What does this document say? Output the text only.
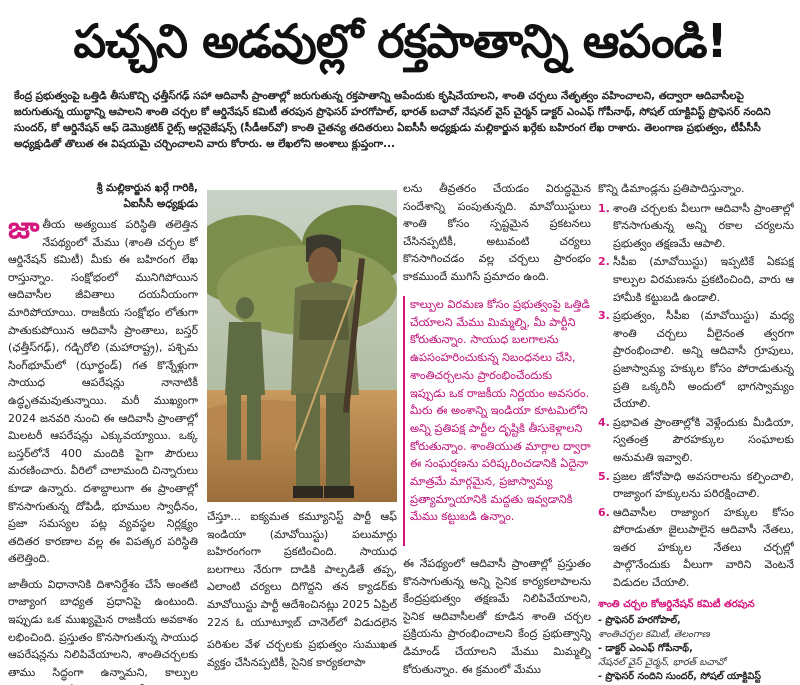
పచ్చని అడవుల్లో రక్తపాతాన్ని ఆపండి!
కేంద్ర ప్రభుత్వంపై ఒత్తిడి తీసుకొచ్చి ఛత్తీస్‌గఢ్ సహా ఆదివాసీ ప్రాంతాల్లో జరుగుతున్న రక్తపాతాన్ని ఆపేందుకు కృషిచేయాలని, శాంతి చర్చలు నేతృత్వం వహించాలని, తద్వారా ఆదివాసీలపై జరుగుతున్న యుద్ధాన్ని ఆపాలని శాంతి చర్చల కో ఆర్డినేషన్ కమిటీ తరపున ప్రొఫెసర్ హరగోపాల్, భారత్ బచావో నేషనల్ వైస్ చైర్మన్ డాక్టర్ ఎంఎఫ్ గోపీనాథ్, సోషల్ యాక్టివిస్ట్ ప్రొఫెసర్ నందిని సుందర్, కో ఆర్డినేషన్ ఆఫ్ డెమొక్రటిక్ రైట్స్ ఆర్గనైజేషన్స్ (సీడీఆర్‌వో) కాంతి చైతన్య తదితరులు ఏఐసీసీ అధ్యక్షుడు మల్లికార్జున ఖర్గేకు బహిరంగ లేఖ రాశారు. తెలంగాణ ప్రభుత్వం, టీపీసీసీ అధ్యక్షుడితో తొలుత ఈ విషయమై చర్చించాలని వారు కోరారు. ఆ లేఖలోని అంశాలు క్లుప్తంగా...
శ్రీ మల్లికార్జున ఖర్గే గారికి,
ఏఐసీసీ అధ్యక్షుడు

జాతీయ అత్యయిక పరిస్థితి తలెత్తిన నేపథ్యంలో మేము (శాంతి చర్చల కో ఆర్డినేషన్ కమిటీ) మీకు ఈ బహిరంగ లేఖ రాస్తున్నాం. సంక్షోభంలో మునిగిపోయిన ఆదివాసీల జీవితాలు దయనీయంగా మారిపోయాయి. రాజకీయ సంక్షోభం లోతుగా పాతుకుపోయిన ఆదివాసీ ప్రాంతాలు, బస్తర్ (ఛత్తీస్‌గఢ్), గడ్చిరోలి (మహారాష్ట్ర), పశ్చిమ సింగ్‌భూమ్‌లో (ఝార్ఖండ్) గత కొన్నేళ్లుగా సాయుధ ఆపరేషన్లు నానాటికీ ఉద్ధృతమవుతున్నాయి. మరీ ముఖ్యంగా 2024 జనవరి నుంచి ఈ ఆదివాసీ ప్రాంతాల్లో మిలటరీ ఆపరేషన్లు ఎక్కువయ్యాయి. ఒక్క బస్తర్‌లోనే 400 మందికి పైగా పౌరులు మరణించారు. వీరిలో చాలామంది చిన్నారులు కూడా ఉన్నారు. దశాబ్దాలుగా ఈ ప్రాంతాల్లో కొనసాగుతున్న దోపిడీ, భూముల స్వాధీనం, ప్రజా సమస్యల పట్ల వ్యవస్థల నిర్లక్ష్యం తదితర కారణాల వల్ల ఈ విపత్కర పరిస్థితి తలెత్తింది.

జాతీయ విధానానికి దిశానిర్దేశం చేసే అంతటి రాజ్యాంగ బాధ్యత ప్రధానిపై ఉంటుంది. ఇప్పుడు ఒక ముఖ్యమైన రాజకీయ అవకాశం లభించింది. ప్రస్తుతం కొనసాగుతున్న సాయుధ ఆపరేషన్లను నిలిపివేయాలని, శాంతిచర్చలకు తాము సిద్ధంగా ఉన్నామని, కాల్పుల

చేస్తూ... ఐక్యమత కమ్యూనిస్ట్ పార్టీ ఆఫ్ ఇండియా (మావోయిస్టు) పలుమార్లు బహిరంగంగా ప్రకటించింది. సాయుధ బలగాలు నేరుగా దాడికి పాల్పడితే తప్ప, ఎలాంటి చర్యలు దిగొద్దని తన క్యాడర్‌కు మావోయిస్టు పార్టీ ఆదేశించినట్లు 2025 ఏప్రిల్ 22న ఓ యూట్యూబ్ చానెల్‌లో విడుదలైన

పరిశుల వేళ చర్చలకు ప్రభుత్వం సుముఖత వ్యక్తం చేసినప్పటికీ, సైనిక కార్యకలాపా

లను తీవ్రతరం చేయడం విరుద్ధమైన సందేశాన్ని పంపుతున్నది. మావోయిస్టులు శాంతి కోసం స్పష్టమైన ప్రకటనలు చేసినప్పటికీ, అటువంటి చర్యలు కొనసాగించడం వల్ల చర్చలు ప్రారంభం కాకముందే ముగిసే ప్రమాదం ఉంది.

కాల్పుల విరమణ కోసం ప్రభుత్వంపై ఒత్తిడి చేయాలని మేము మిమ్మల్ని, మీ పార్టీని కోరుతున్నాం. సాయుధ బలగాలను ఉపసంహరించుకున్న నిబంధనలు చేసి, శాంతిచర్చలను ప్రారంభించేందుకు ఇప్పుడు ఒక రాజకీయ నిర్ణయం అవసరం. మీరు ఈ అంశాన్ని ఇండియా కూటమిలోని అన్ని ప్రతిపక్ష పార్టీల దృష్టికి తీసుకెళ్లాలని కోరుతున్నాం. శాంతియుత మార్గాల ద్వారా ఈ సంఘర్షణను పరిష్కరించడానికి ఏదైనా మాత్రమే మార్గమైన, ప్రజాస్వామ్య ప్రత్యామ్నాయానికి మద్దతు ఇవ్వడానికి మేము కట్టుబడి ఉన్నాం.

ఈ నేపథ్యంలో ఆదివాసీ ప్రాంతాల్లో ప్రస్తుతం కొనసాగుతున్న అన్ని సైనిక కార్యకలాపాలను కేంద్రప్రభుత్వం తక్షణమే నిలిపివేయాలని, సైనిక ఆదివాసీలతో కూడిన శాంతి చర్చల ప్రక్రియను ప్రారంభించాలని కేంద్ర ప్రభుత్వాన్ని డిమాండ్ చేయాలని మేము మిమ్మల్ని కోరుతున్నాం. ఈ క్రమంలో మేము

కొన్ని డిమాండ్లను ప్రతిపాదిస్తున్నాం.

1. శాంతి చర్చలకు వీలుగా ఆదివాసీ ప్రాంతాల్లో కొనసాగుతున్న అన్ని రకాల చర్యలను ప్రభుత్వం తక్షణమే ఆపాలి.
2. సీపీఐ (మావోయిస్టు) ఇప్పటికే ఏకపక్ష కాల్పుల విరమణను ప్రకటించింది, వారు ఆ హామీకి కట్టుబడి ఉండాలి.
3. ప్రభుత్వం, సీపీఐ (మావోయిస్టు) మధ్య శాంతి చర్చలు వీలైనంత త్వరగా ప్రారంభించాలి. అన్ని ఆదివాసీ గ్రూపులు, ప్రజాస్వామ్య హక్కుల కోసం పోరాడుతున్న ప్రతి ఒక్కరినీ అందులో భాగస్వామ్యం చేయాలి.
4. ప్రభావిత ప్రాంతాల్లోకి వెళ్లేందుకు మీడియా, స్వతంత్ర పౌరహక్కుల సంఘాలకు అనుమతి ఇవ్వాలి.
5. ప్రజల జోనోపాధి అవసరాలను కల్పించాలి, రాజ్యాంగ హక్కులను పరిరక్షించాలి.
6. ఆదివాసీల రాజ్యాంగ హక్కుల కోసం పోరాడుతూ జైలుపాలైన ఆదివాసీ నేతలు, ఇతర హక్కుల నేతలు చర్చల్లో పాల్గొనేందుకు వీలుగా వారిని వెంటనే విడుదల చేయాలి.
శాంతి చర్చల కోఆర్డినేషన్ కమిటీ తరపున
- ప్రొఫెసర్ హరగోపాల్,
శాంతిచర్చల కమిటీ, తెలంగాణ
- డాక్టర్ ఎంఎఫ్ గోపీనాథ్,
నేషనల్ వైస్ చైర్మన్, భారత్ బచావో
- ప్రొఫెసర్ నందిని సుందర్, సోషల్ యాక్టివిస్ట్
